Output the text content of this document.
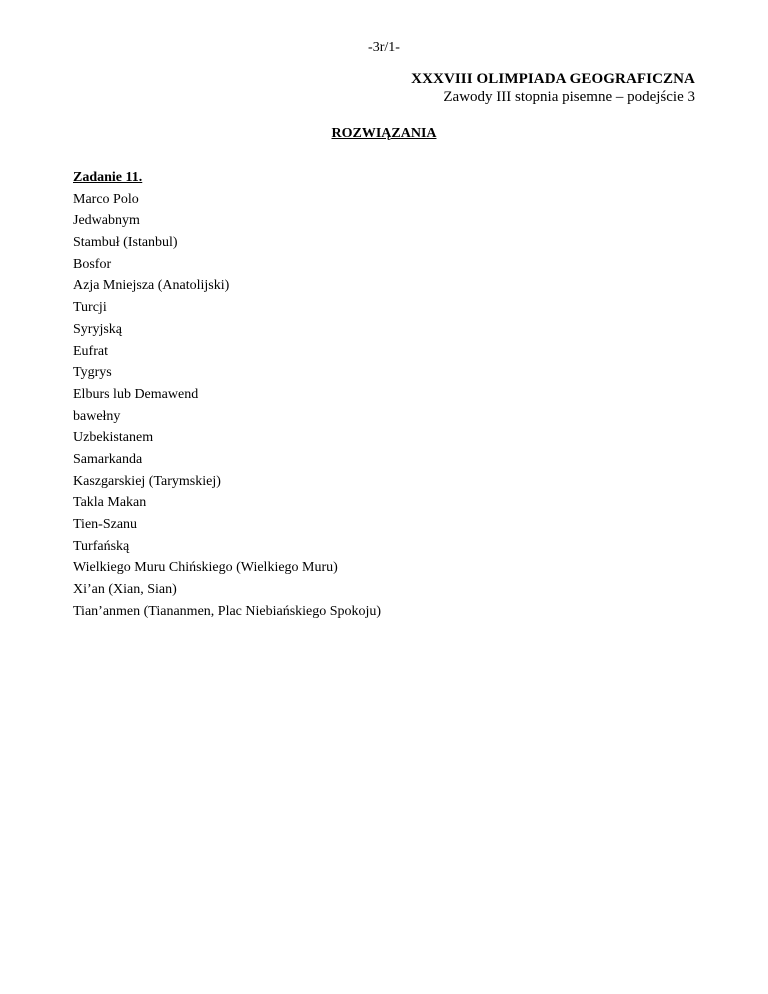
-3r/1-
XXXVIII OLIMPIADA GEOGRAFICZNA
Zawody III stopnia pisemne – podejście 3
ROZWIĄZANIA
Zadanie 11.
Marco Polo
Jedwabnym
Stambuł (Istanbul)
Bosfor
Azja Mniejsza (Anatolijski)
Turcji
Syryjską
Eufrat
Tygrys
Elburs lub Demawend
bawełny
Uzbekistanem
Samarkanda
Kaszgarskiej (Tarymskiej)
Takla Makan
Tien-Szanu
Turfańską
Wielkiego Muru Chińskiego (Wielkiego Muru)
Xi’an (Xian, Sian)
Tian’anmen (Tiananmen, Plac Niebiańskiego Spokoju)
